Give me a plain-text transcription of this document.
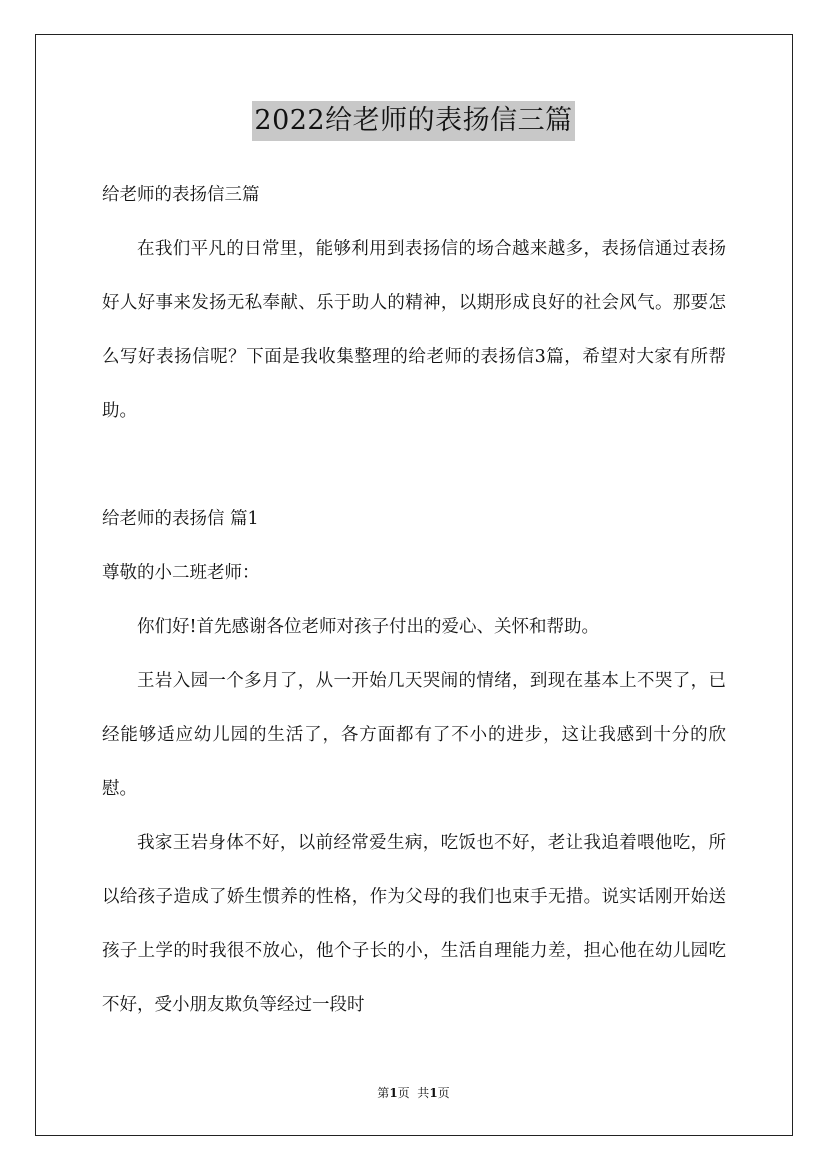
2022给老师的表扬信三篇

给老师的表扬信三篇

在我们平凡的日常里，能够利用到表扬信的场合越来越多，表扬信通过表扬好人好事来发扬无私奉献、乐于助人的精神，以期形成良好的社会风气。那要怎么写好表扬信呢？下面是我收集整理的给老师的表扬信3篇，希望对大家有所帮助。

给老师的表扬信 篇1

尊敬的小二班老师：

你们好!首先感谢各位老师对孩子付出的爱心、关怀和帮助。

王岩入园一个多月了，从一开始几天哭闹的情绪，到现在基本上不哭了，已经能够适应幼儿园的生活了，各方面都有了不小的进步，这让我感到十分的欣慰。

我家王岩身体不好，以前经常爱生病，吃饭也不好，老让我追着喂他吃，所以给孩子造成了娇生惯养的性格，作为父母的我们也束手无措。说实话刚开始送孩子上学的时我很不放心，他个子长的小，生活自理能力差，担心他在幼儿园吃不好，受小朋友欺负等经过一段时

第1页  共1页
